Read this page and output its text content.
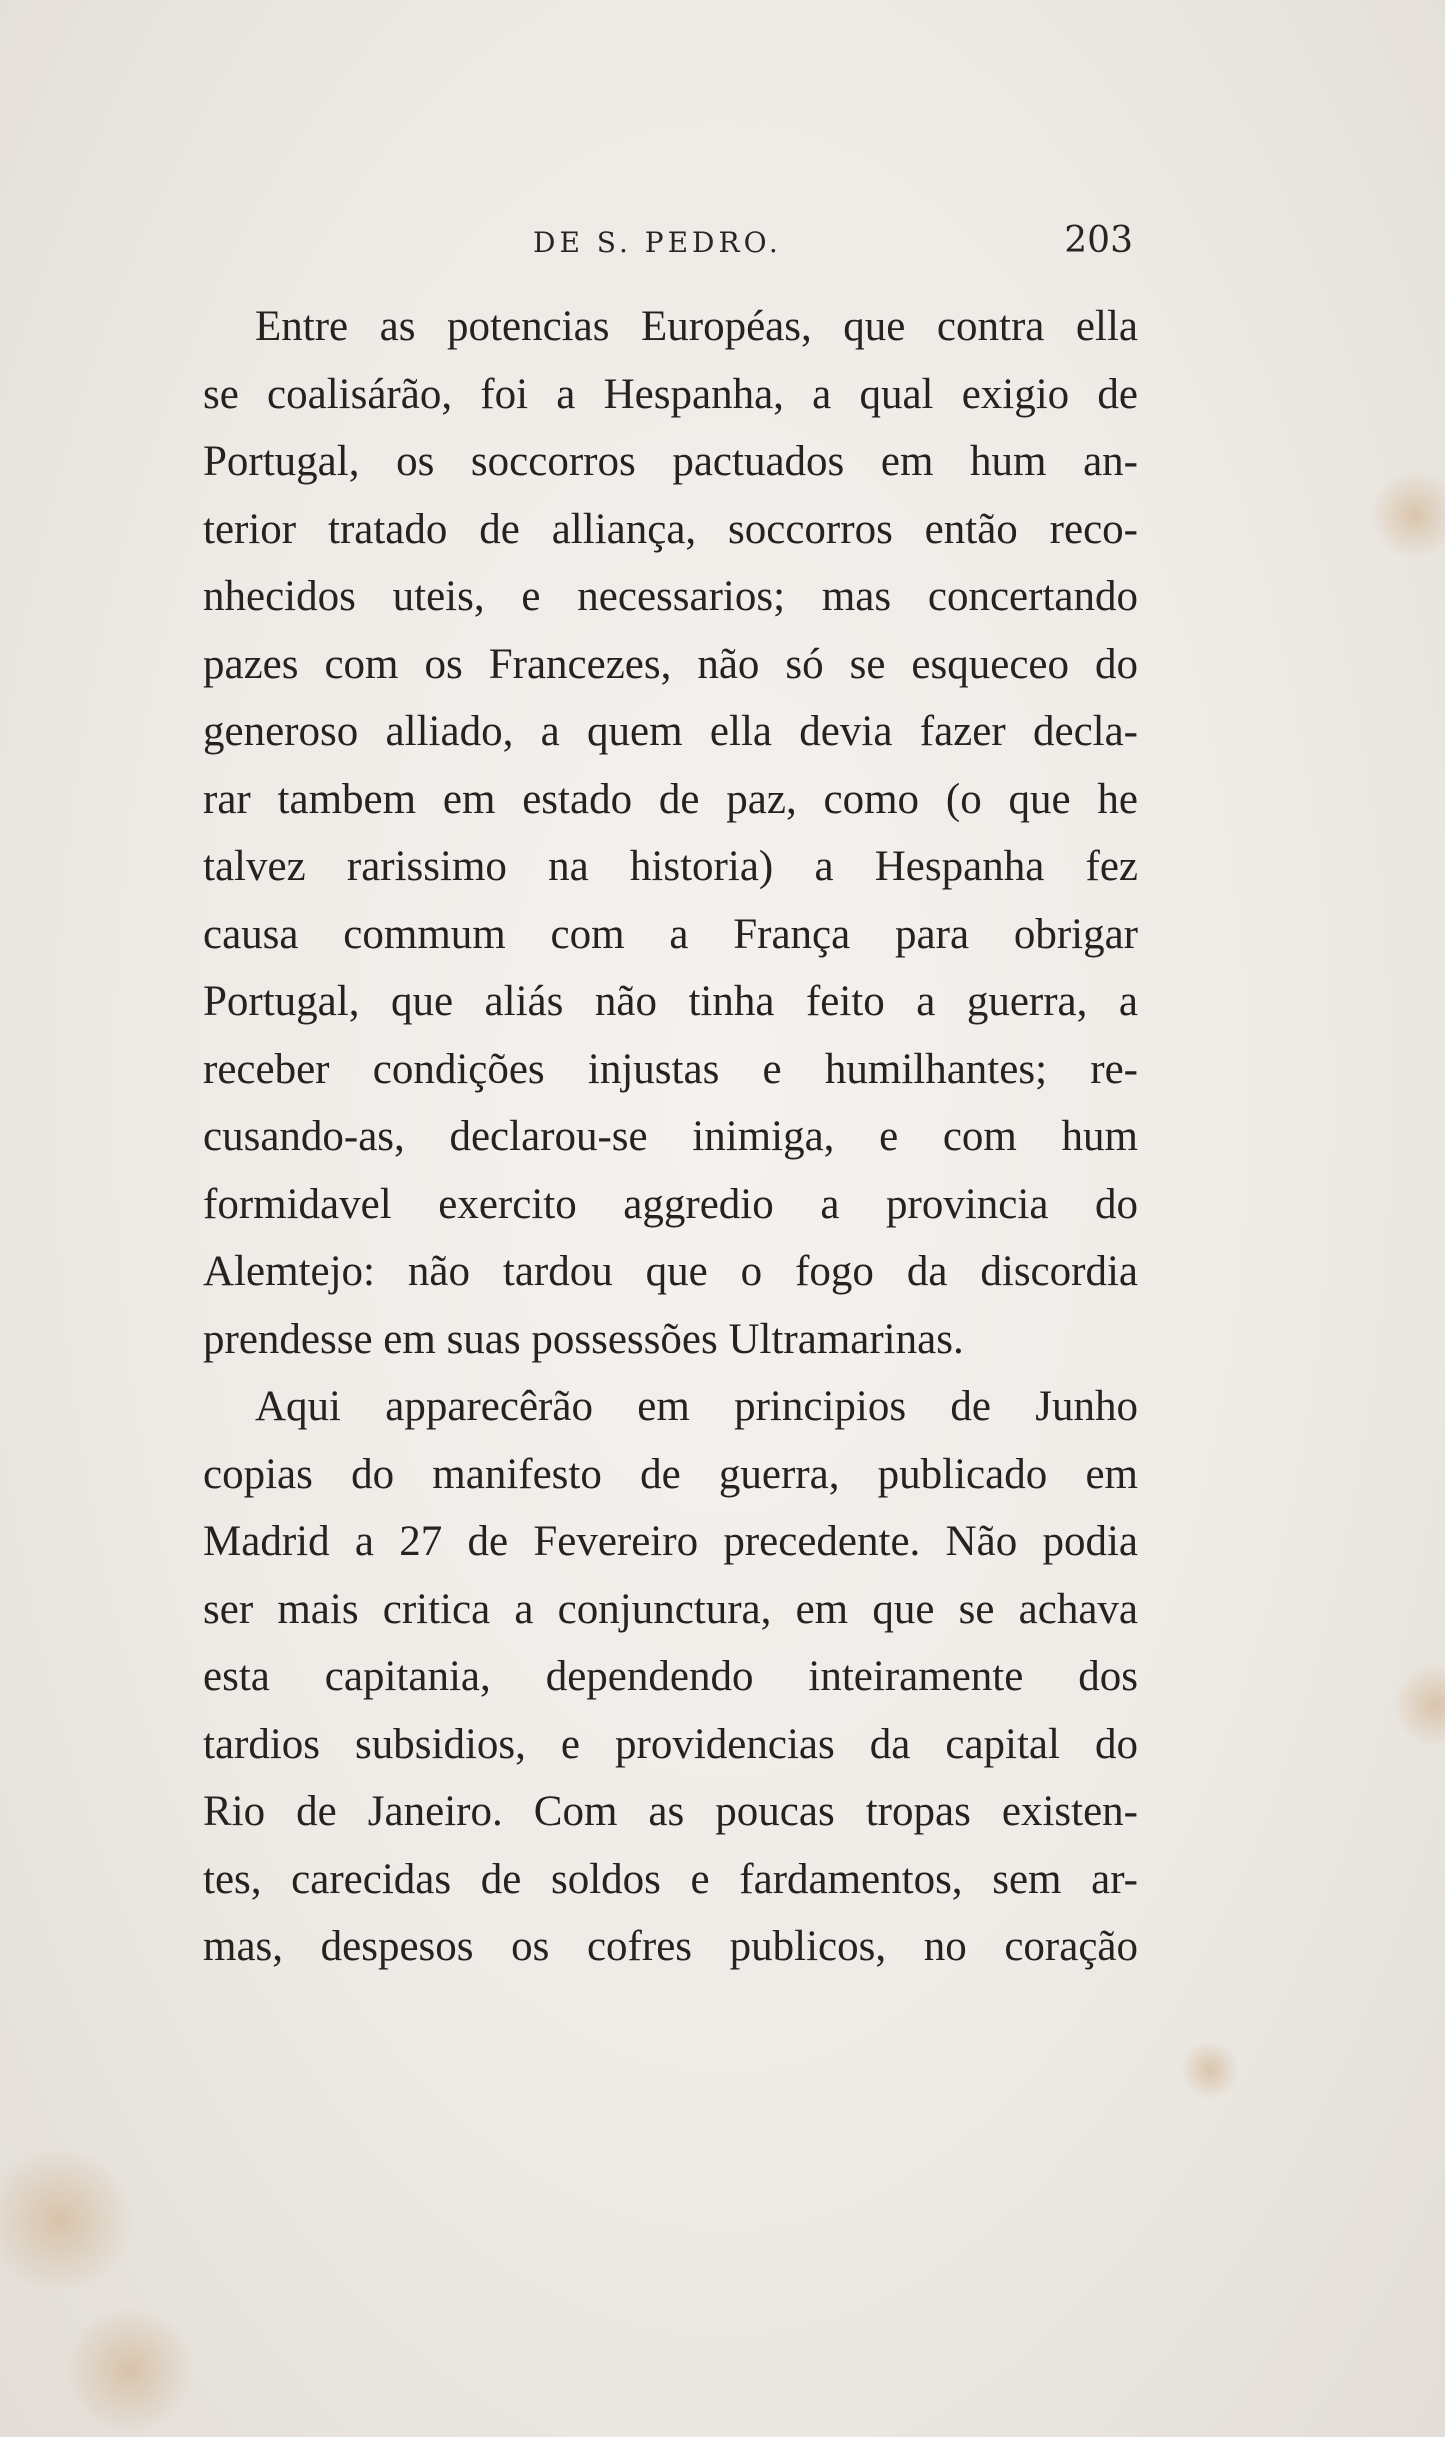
DE S. PEDRO.	203
Entre as potencias Européas, que contra ella
se coalisárão, foi a Hespanha, a qual exigio de
Portugal, os soccorros pactuados em hum an-
terior tratado de alliança, soccorros então reco-
nhecidos uteis, e necessarios; mas concertando
pazes com os Francezes, não só se esqueceo do
generoso alliado, a quem ella devia fazer decla-
rar tambem em estado de paz, como (o que he
talvez rarissimo na historia) a Hespanha fez
causa commum com a França para obrigar
Portugal, que aliás não tinha feito a guerra, a
receber condições injustas e humilhantes; re-
cusando-as, declarou-se inimiga, e com hum
formidavel exercito aggredio a provincia do
Alemtejo: não tardou que o fogo da discordia
prendesse em suas possessões Ultramarinas.
Aqui apparecêrão em principios de Junho
copias do manifesto de guerra, publicado em
Madrid a 27 de Fevereiro precedente. Não podia
ser mais critica a conjunctura, em que se achava
esta capitania, dependendo inteiramente dos
tardios subsidios, e providencias da capital do
Rio de Janeiro. Com as poucas tropas existen-
tes, carecidas de soldos e fardamentos, sem ar-
mas, despesos os cofres publicos, no coração
